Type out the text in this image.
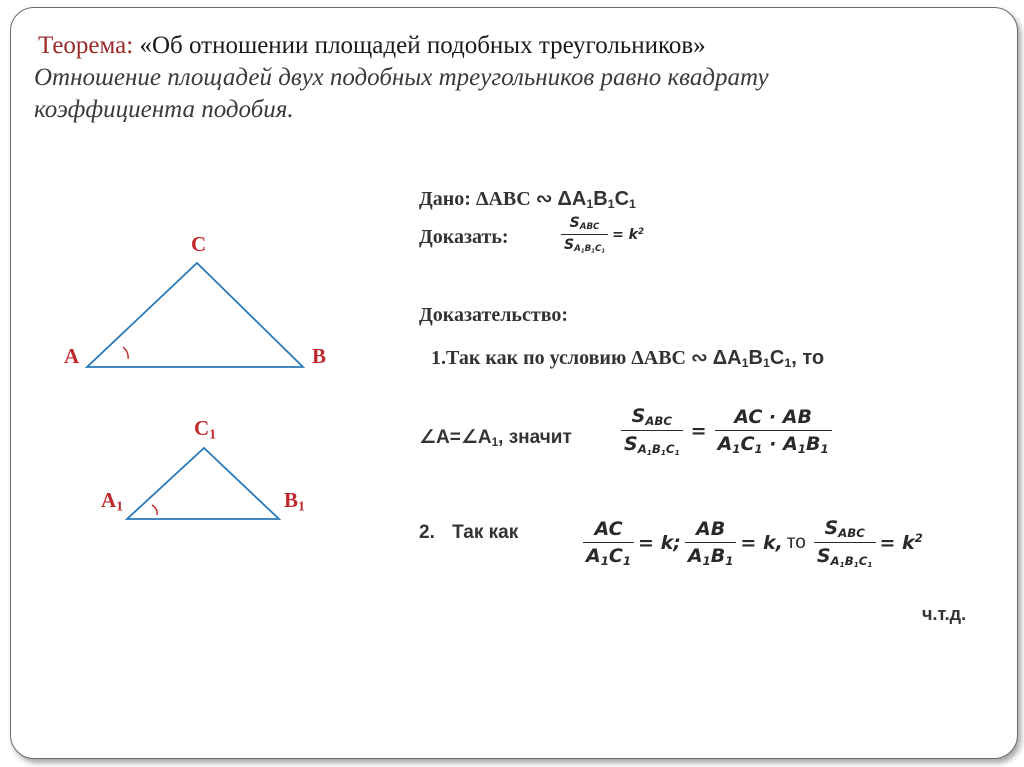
Теорема: «Об отношении площадей подобных треугольников»
Отношение площадей двух подобных треугольников равно квадрату
коэффициента подобия.
C
A	B
$C_1$
$A_1$	$B_1$
Дано: ΔABC ∾ $\Delta A_1B_1C_1$
Доказать:	$\frac{S_{ABC}}{S_{A_1B_1C_1}} = k^2$
Доказательство:
1.Так как по условию ΔABC ∾ $\Delta A_1B_1C_1$, то
$\angle A=\angle A_1$, значит	$\frac{S_{ABC}}{S_{A_1B_1C_1}} = \frac{AC \cdot AB}{A_1C_1 \cdot A_1B_1}$
2. Так как	$\frac{AC}{A_1C_1} = k$; $\frac{AB}{A_1B_1} = k$, то $\frac{S_{ABC}}{S_{A_1B_1C_1}} = k^2$
ч.т.д.
